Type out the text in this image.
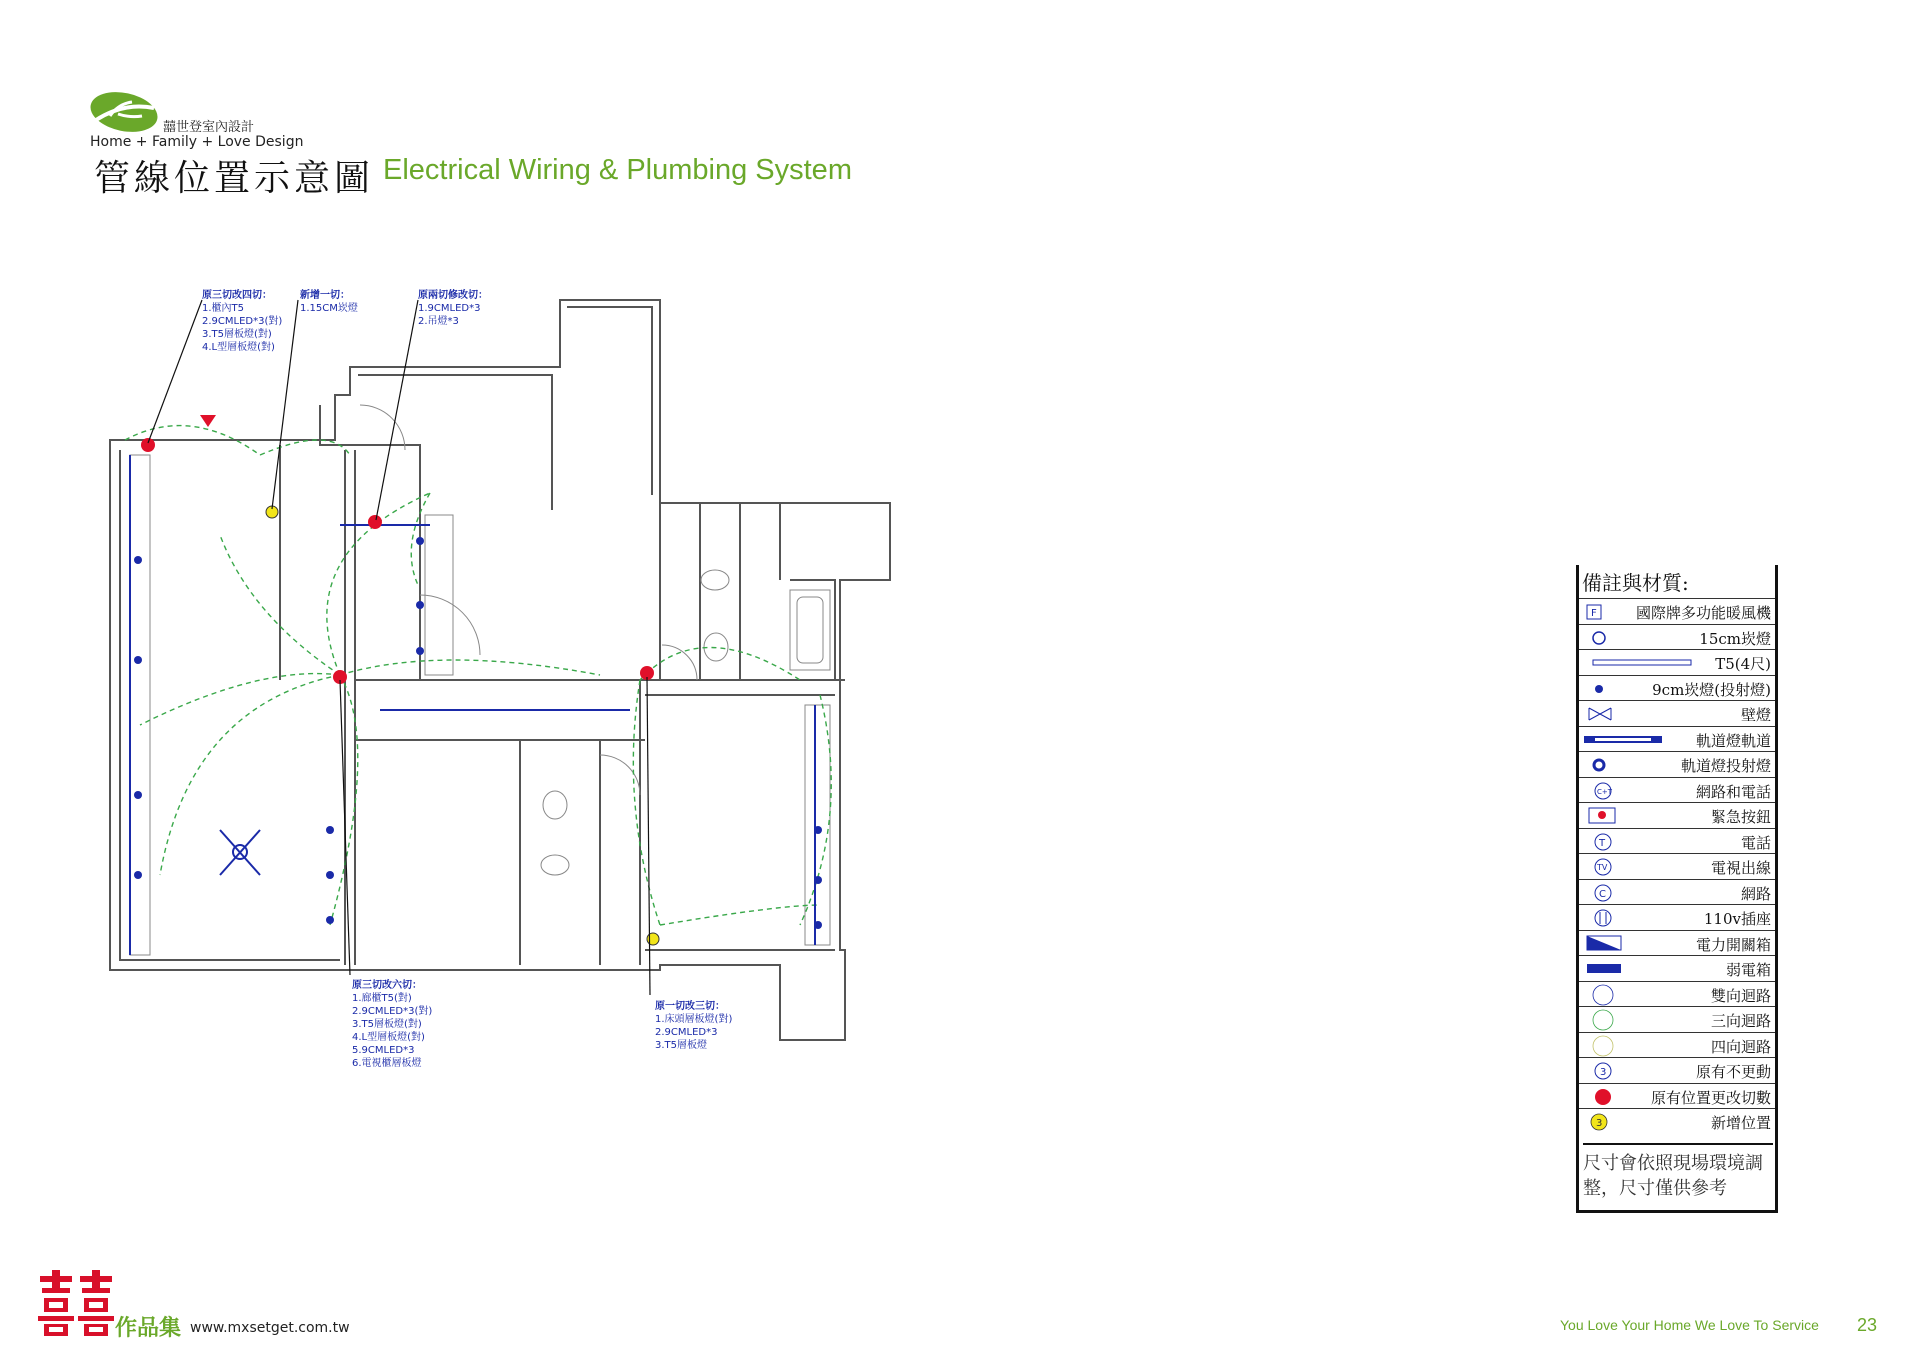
囍世登室內設計
Home + Family + Love Design
管線位置示意圖 Electrical Wiring & Plumbing System
原三切改四切：
1.櫃內T5
2.9CMLED*3(對)
3.T5層板燈(對)
4.L型層板燈(對)
新增一切：
1.15CM崁燈
原兩切修改切：
1.9CMLED*3
2.吊燈*3
原三切改六切：
1.廊櫃T5(對)
2.9CMLED*3(對)
3.T5層板燈(對)
4.L型層板燈(對)
5.9CMLED*3
6.電視櫃層板燈
原一切改三切：
1.床頭層板燈(對)
2.9CMLED*3
3.T5層板燈
備註與材質:
F	國際牌多功能暖風機
15cm崁燈
T5(4尺)
9cm崁燈(投射燈)
壁燈
軌道燈軌道
軌道燈投射燈
C+T	網路和電話
緊急按鈕
T	電話
TV	電視出線
C	網路
110v插座
電力開關箱
弱電箱
雙向迴路
三向迴路
四向迴路
3	原有不更動
原有位置更改切數
3	新增位置
尺寸會依照現場環境調整，尺寸僅供參考
作品集 www.mxsetget.com.tw	You Love Your Home We Love To Service 23
